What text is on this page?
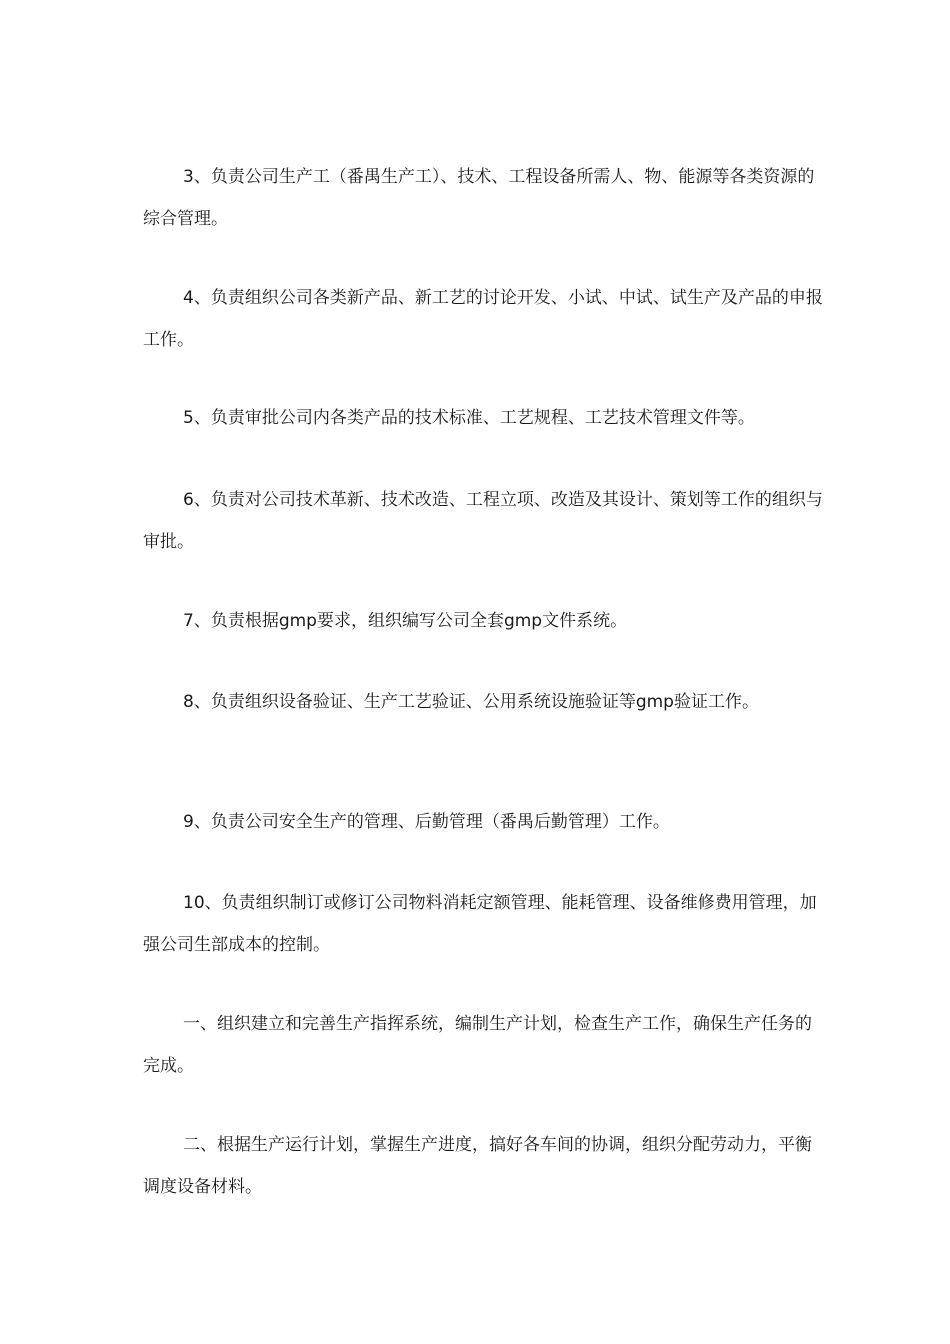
3、负责公司生产工（番禺生产工）、技术、工程设备所需人、物、能源等各类资源的综合管理。

4、负责组织公司各类新产品、新工艺的讨论开发、小试、中试、试生产及产品的申报工作。

5、负责审批公司内各类产品的技术标准、工艺规程、工艺技术管理文件等。

6、负责对公司技术革新、技术改造、工程立项、改造及其设计、策划等工作的组织与审批。

7、负责根据gmp要求，组织编写公司全套gmp文件系统。

8、负责组织设备验证、生产工艺验证、公用系统设施验证等gmp验证工作。

9、负责公司安全生产的管理、后勤管理（番禺后勤管理）工作。

10、负责组织制订或修订公司物料消耗定额管理、能耗管理、设备维修费用管理，加强公司生部成本的控制。

一、组织建立和完善生产指挥系统，编制生产计划，检查生产工作，确保生产任务的完成。

二、根据生产运行计划，掌握生产进度，搞好各车间的协调，组织分配劳动力，平衡调度设备材料。
